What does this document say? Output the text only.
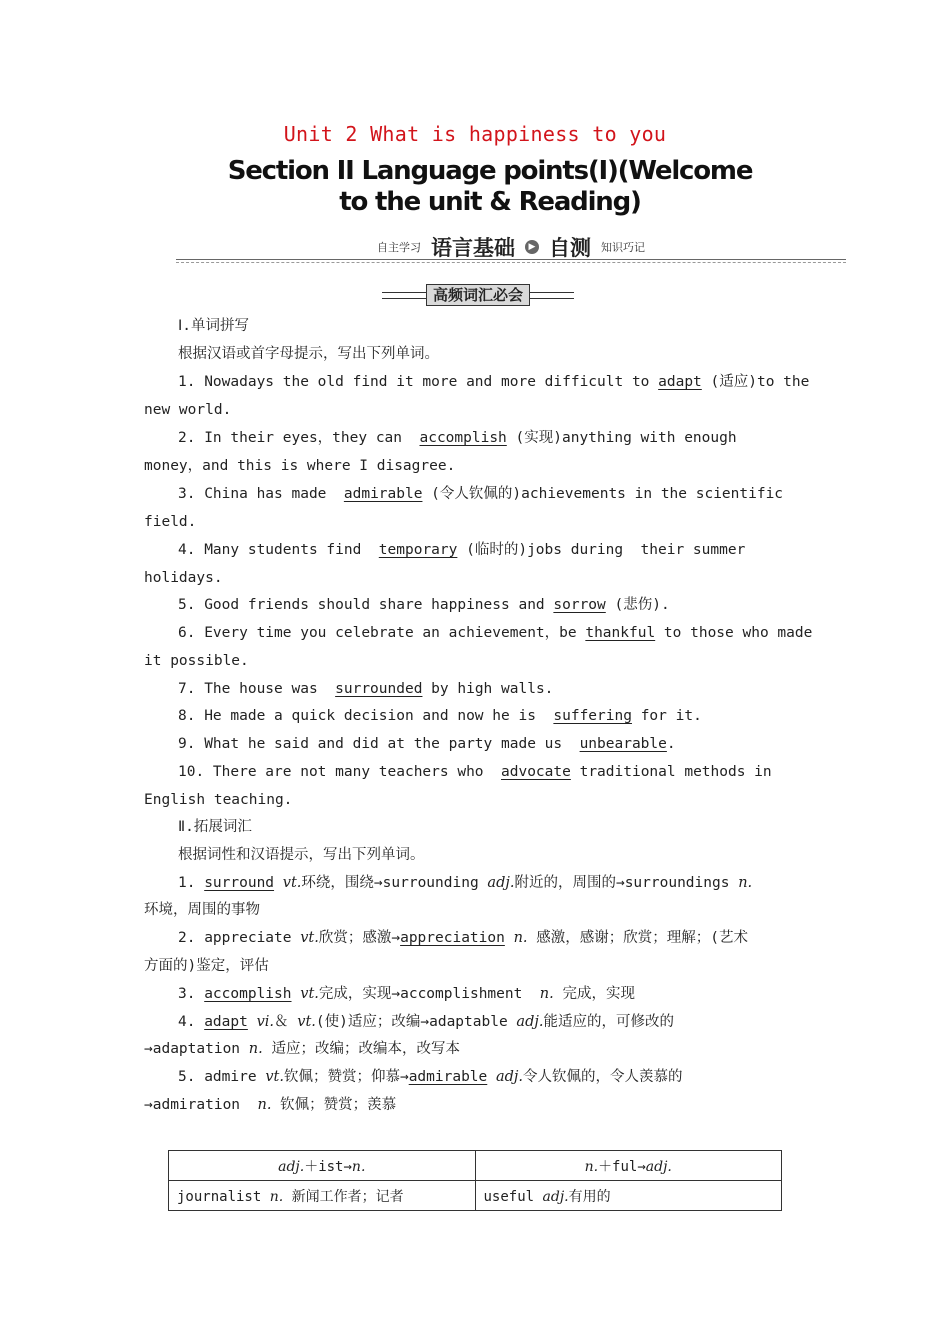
Unit 2 What is happiness to you
Section II Language points(I)(Welcome
to the unit & Reading)
自主学习 语言基础	▶ 自测 知识巧记
高频词汇必会
Ⅰ.单词拼写
根据汉语或首字母提示，写出下列单词。
1. Nowadays the old find it more and more difficult to adapt (适应)to the
new world.
2. In their eyes，they can  accomplish (实现)anything with enough
money，and this is where I disagree.
3. China has made  admirable (令人钦佩的)achievements in the scientific
field.
4. Many students find  temporary (临时的)jobs during  their summer
holidays.
5. Good friends should share happiness and sorrow (悲伤).
6. Every time you celebrate an achievement，be thankful to those who made
it possible.
7. The house was  surrounded by high walls.
8. He made a quick decision and now he is  suffering for it.
9. What he said and did at the party made us  unbearable.
10. There are not many teachers who  advocate traditional methods in
English teaching.
Ⅱ.拓展词汇
根据词性和汉语提示，写出下列单词。
1. surround vt.环绕，围绕→surrounding adj.附近的，周围的→surroundings n.
环境，周围的事物
2. appreciate vt.欣赏；感激→appreciation n. 感激，感谢；欣赏；理解；(艺术
方面的)鉴定，评估
3. accomplish vt.完成，实现→accomplishment  n. 完成，实现
4. adapt vi.＆ vt.(使)适应；改编→adaptable adj.能适应的，可修改的
→adaptation n. 适应；改编；改编本，改写本
5. admire vt.钦佩；赞赏；仰慕→admirable adj.令人钦佩的，令人羡慕的
→admiration  n. 钦佩；赞赏；羡慕
adj.＋ist→n.	n.＋ful→adj.
journalist n. 新闻工作者；记者	useful adj.有用的
